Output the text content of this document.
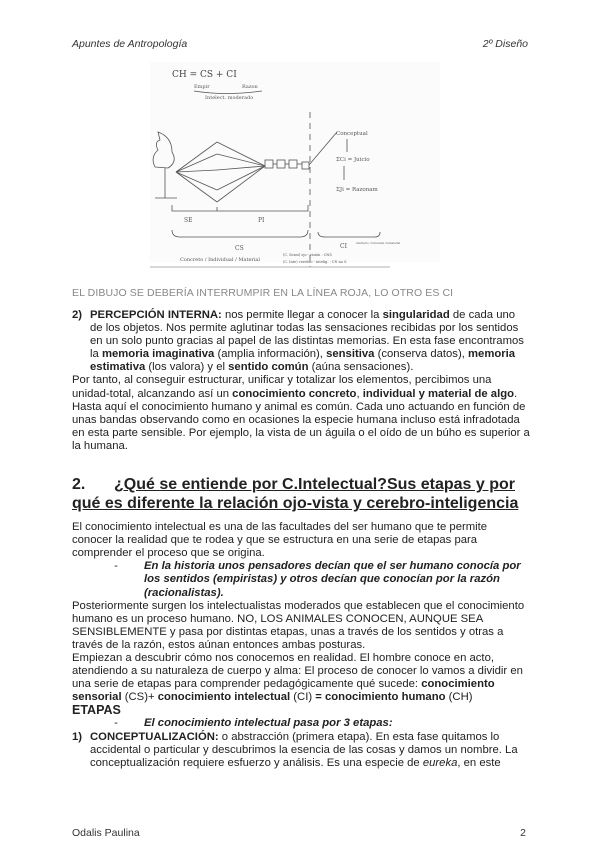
Apuntes de Antropología	2º Diseño
CH = CS + CI
Empir	Razon
Intelect. moderado
Conceptual
ΣCi = Juicio
ΣJi = Razonam
SE	PI
CS	CI	Abstracto / Universal / Inmaterial
Concreto / Individual / Material
(C. Sensi) ojo - visión : CNS
(C. Inte) cerebro - intelig. : CN no S
EL DIBUJO SE DEBERÍA INTERRUMPIR EN LA LÍNEA ROJA, LO OTRO ES CI
2) PERCEPCIÓN INTERNA: nos permite llegar a conocer la singularidad de cada uno de los objetos. Nos permite aglutinar todas las sensaciones recibidas por los sentidos en un solo punto gracias al papel de las distintas memorias. En esta fase encontramos la memoria imaginativa (amplia información), sensitiva (conserva datos), memoria estimativa (los valora) y el sentido común (aúna sensaciones).

Por tanto, al conseguir estructurar, unificar y totalizar los elementos, percibimos una unidad-total, alcanzando así un conocimiento concreto, individual y material de algo. Hasta aquí el conocimiento humano y animal es común. Cada uno actuando en función de unas bandas observando como en ocasiones la especie humana incluso está infradotada en esta parte sensible. Por ejemplo, la vista de un águila o el oído de un búho es superior a la humana.

2. ¿Qué se entiende por C.Intelectual?Sus etapas y por qué es diferente la relación ojo-vista y cerebro-inteligencia

El conocimiento intelectual es una de las facultades del ser humano que te permite conocer la realidad que te rodea y que se estructura en una serie de etapas para comprender el proceso que se origina.

- En la historia unos pensadores decían que el ser humano conocía por los sentidos (empiristas) y otros decían que conocían por la razón (racionalistas).

Posteriormente surgen los intelectualistas moderados que establecen que el conocimiento humano es un proceso humano. NO, LOS ANIMALES CONOCEN, AUNQUE SEA SENSIBLEMENTE y pasa por distintas etapas, unas a través de los sentidos y otras a través de la razón, estos aúnan entonces ambas posturas.

Empiezan a descubrir cómo nos conocemos en realidad. El hombre conoce en acto, atendiendo a su naturaleza de cuerpo y alma: El proceso de conocer lo vamos a dividir en una serie de etapas para comprender pedagógicamente qué sucede: conocimiento sensorial (CS)+ conocimiento intelectual (CI) = conocimiento humano (CH)

ETAPAS
- El conocimiento intelectual pasa por 3 etapas:
1) CONCEPTUALIZACIÓN: o abstracción (primera etapa). En esta fase quitamos lo accidental o particular y descubrimos la esencia de las cosas y damos un nombre. La conceptualización requiere esfuerzo y análisis. Es una especie de eureka, en este
Odalis Paulina	2
